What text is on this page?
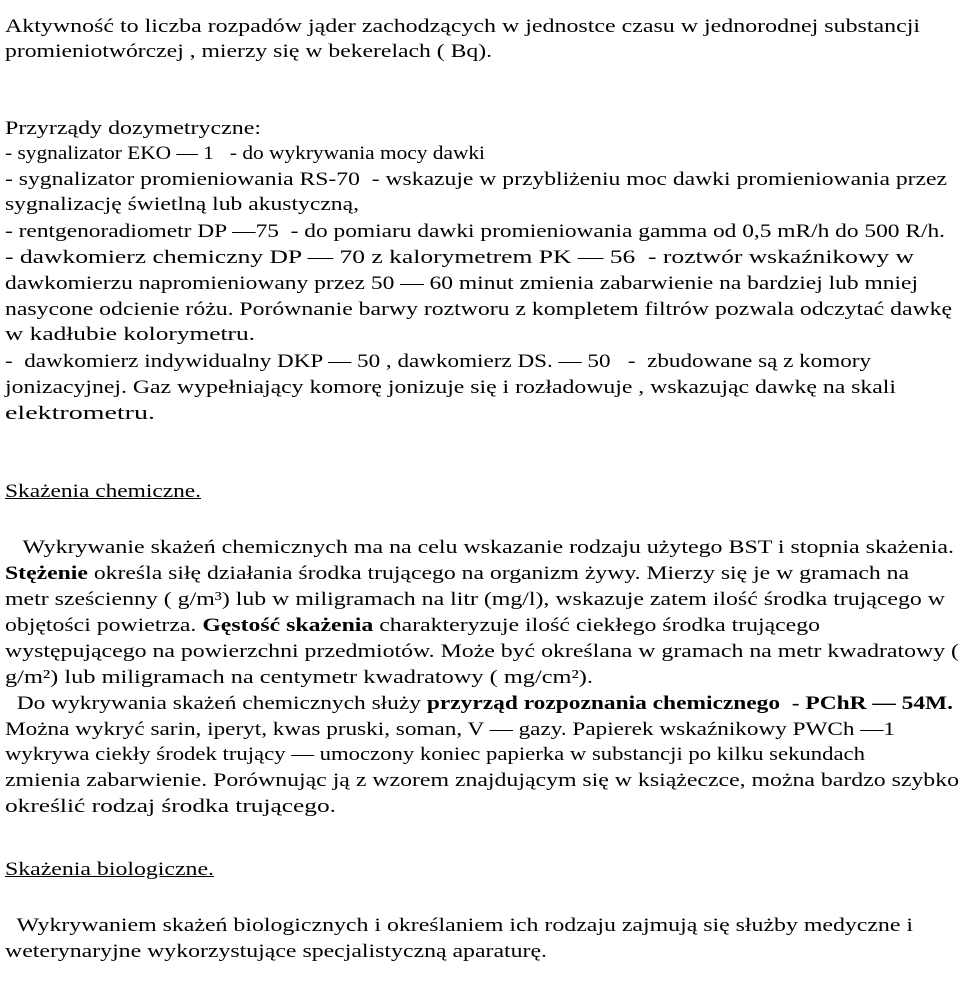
Aktywność to liczba rozpadów jąder zachodzących w jednostce czasu w jednorodnej substancji
promieniotwórczej , mierzy się w bekerelach ( Bq).
Przyrządy dozymetryczne:
- sygnalizator EKO — 1   - do wykrywania mocy dawki
- sygnalizator promieniowania RS-70  - wskazuje w przybliżeniu moc dawki promieniowania przez
sygnalizację świetlną lub akustyczną,
- rentgenoradiometr DP —75  - do pomiaru dawki promieniowania gamma od 0,5 mR/h do 500 R/h.
- dawkomierz chemiczny DP — 70 z kalorymetrem PK — 56  - roztwór wskaźnikowy w
dawkomierzu napromieniowany przez 50 — 60 minut zmienia zabarwienie na bardziej lub mniej
nasycone odcienie różu. Porównanie barwy roztworu z kompletem filtrów pozwala odczytać dawkę
w kadłubie kolorymetru.
-  dawkomierz indywidualny DKP — 50 , dawkomierz DS. — 50   -  zbudowane są z komory
jonizacyjnej. Gaz wypełniający komorę jonizuje się i rozładowuje , wskazując dawkę na skali
elektrometru.
Skażenia chemiczne.
Wykrywanie skażeń chemicznych ma na celu wskazanie rodzaju użytego BST i stopnia skażenia.
Stężenie określa siłę działania środka trującego na organizm żywy. Mierzy się je w gramach na
metr sześcienny ( g/m³) lub w miligramach na litr (mg/l), wskazuje zatem ilość środka trującego w
objętości powietrza. Gęstość skażenia charakteryzuje ilość ciekłego środka trującego
występującego na powierzchni przedmiotów. Może być określana w gramach na metr kwadratowy (
g/m²) lub miligramach na centymetr kwadratowy ( mg/cm²).
Do wykrywania skażeń chemicznych służy przyrząd rozpoznania chemicznego  - PChR — 54M.
Można wykryć sarin, iperyt, kwas pruski, soman, V — gazy. Papierek wskaźnikowy PWCh —1
wykrywa ciekły środek trujący — umoczony koniec papierka w substancji po kilku sekundach
zmienia zabarwienie. Porównując ją z wzorem znajdującym się w książeczce, można bardzo szybko
określić rodzaj środka trującego.
Skażenia biologiczne.
Wykrywaniem skażeń biologicznych i określaniem ich rodzaju zajmują się służby medyczne i
weterynaryjne wykorzystujące specjalistyczną aparaturę.
